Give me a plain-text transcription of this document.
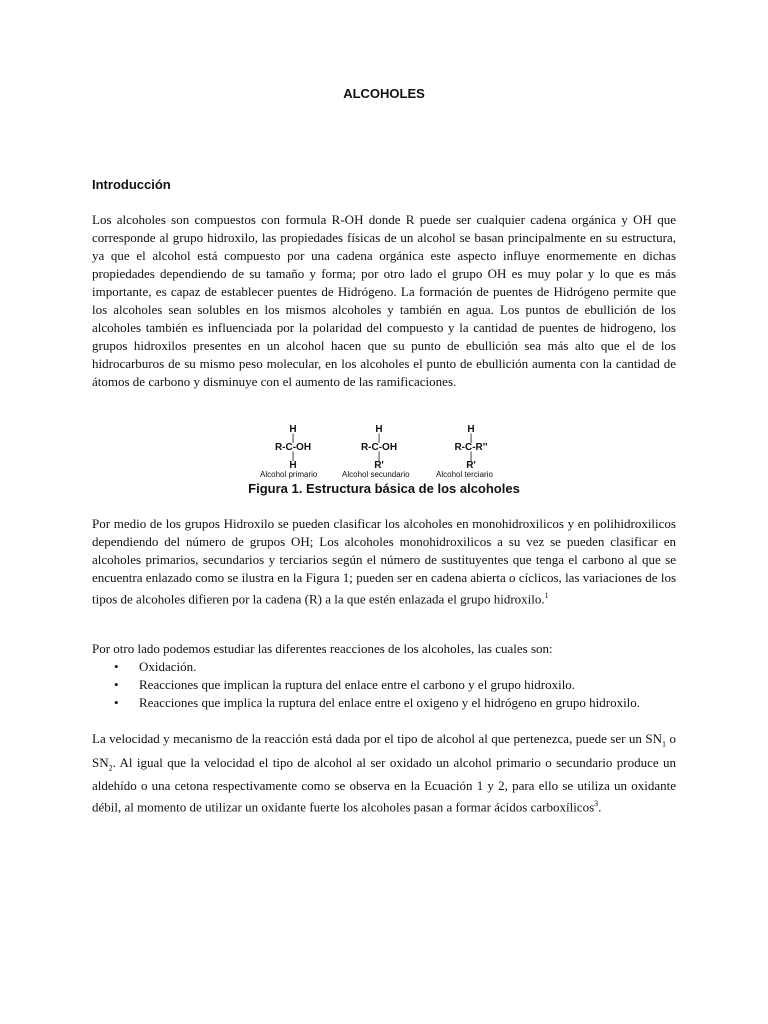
ALCOHOLES
Introducción

Los alcoholes son compuestos con formula R-OH donde R puede ser cualquier cadena orgánica y OH que corresponde al grupo hidroxilo, las propiedades físicas de un alcohol se basan principalmente en su estructura, ya que el alcohol está compuesto por una cadena orgánica este aspecto influye enormemente en dichas propiedades dependiendo de su tamaño y forma; por otro lado el grupo OH es muy polar y lo que es más importante, es capaz de establecer puentes de Hidrógeno. La formación de puentes de Hidrógeno permite que los alcoholes sean solubles en los mismos alcoholes y también en agua. Los puntos de ebullición de los alcoholes también es influenciada por la polaridad del compuesto y la cantidad de puentes de hidrogeno, los grupos hidroxilos presentes en un alcohol hacen que su punto de ebullición sea más alto que el de los hidrocarburos de su mismo peso molecular, en los alcoholes el punto de ebullición aumenta con la cantidad de átomos de carbono y disminuye con el aumento de las ramificaciones.

H
|
R-C-OH
|
H
H
|
R-C-OH
|
R'
H
|
R-C-R''
|
R'
Alcohol primario	Alcohol secundario	Alcohol terciario
Figura 1. Estructura básica de los alcoholes

Por medio de los grupos Hidroxilo se pueden clasificar los alcoholes en monohidroxilicos y en polihidroxilicos dependiendo del número de grupos OH; Los alcoholes monohidroxilicos a su vez se pueden clasificar en alcoholes primarios, secundarios y terciarios según el número de sustituyentes que tenga el carbono al que se encuentra enlazado como se ilustra en la Figura 1; pueden ser en cadena abierta o cíclicos, las variaciones de los tipos de alcoholes difieren por la cadena (R) a la que estén enlazada el grupo hidroxilo.$^1$

Por otro lado podemos estudiar las diferentes reacciones de los alcoholes, las cuales son:

• Oxidación.
• Reacciones que implican la ruptura del enlace entre el carbono y el grupo hidroxilo.
• Reacciones que implica la ruptura del enlace entre el oxigeno y el hidrógeno en grupo hidroxilo.

La velocidad y mecanismo de la reacción está dada por el tipo de alcohol al que pertenezca, puede ser un $SN_1$ o $SN_2$. Al igual que la velocidad el tipo de alcohol al ser oxidado un alcohol primario o secundario produce un aldehído o una cetona respectivamente como se observa en la Ecuación 1 y 2, para ello se utiliza un oxidante débil, al momento de utilizar un oxidante fuerte los alcoholes pasan a formar ácidos carboxílicos$^3$.
